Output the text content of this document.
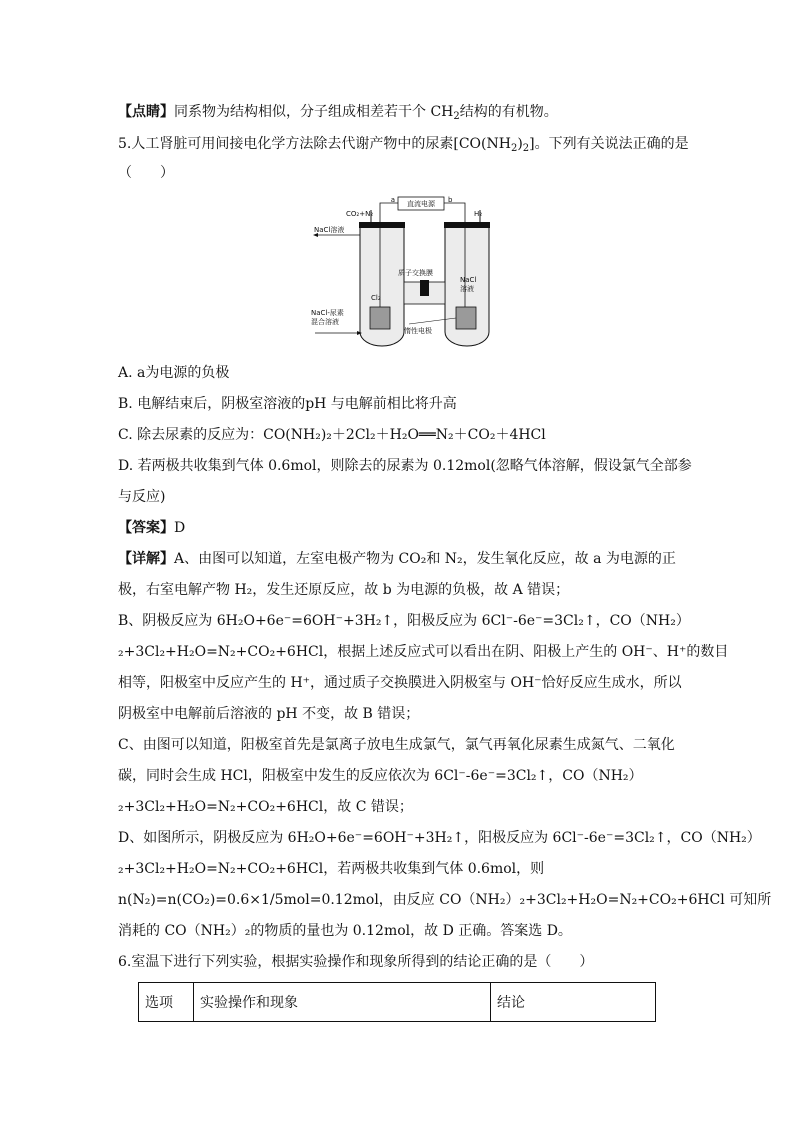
【点睛】同系物为结构相似，分子组成相差若干个 $CH_2$结构的有机物。
5.人工肾脏可用间接电化学方法除去代谢产物中的尿素$[CO(NH_2)_2]$。下列有关说法正确的是
（　　）
直流电源
a	b
CO₂+N₂	H₂
NaCl溶液
NaCl-尿素
混合溶液
质子交换膜
NaCl
溶液
Cl₂
惰性电极
A. a为电源的负极
B. 电解结束后，阴极室溶液的pH 与电解前相比将升高
C. 除去尿素的反应为：CO(NH₂)₂＋2Cl₂＋H₂O══N₂＋CO₂＋4HCl
D. 若两极共收集到气体 0.6mol，则除去的尿素为 0.12mol(忽略气体溶解，假设氯气全部参
与反应)
【答案】D
【详解】A、由图可以知道，左室电极产物为 CO₂和 N₂，发生氧化反应，故 a 为电源的正
极，右室电解产物 H₂，发生还原反应，故 b 为电源的负极，故 A 错误；
B、阴极反应为 6H₂O+6e⁻=6OH⁻+3H₂↑，阳极反应为 6Cl⁻-6e⁻=3Cl₂↑，CO（NH₂）
₂+3Cl₂+H₂O=N₂+CO₂+6HCl，根据上述反应式可以看出在阴、阳极上产生的 OH⁻、H⁺的数目
相等，阳极室中反应产生的 H⁺，通过质子交换膜进入阴极室与 OH⁻恰好反应生成水，所以
阴极室中电解前后溶液的 pH 不变，故 B 错误；
C、由图可以知道，阳极室首先是氯离子放电生成氯气，氯气再氧化尿素生成氮气、二氧化
碳，同时会生成 HCl，阳极室中发生的反应依次为 6Cl⁻-6e⁻=3Cl₂↑，CO（NH₂）
₂+3Cl₂+H₂O=N₂+CO₂+6HCl，故 C 错误；
D、如图所示，阴极反应为 6H₂O+6e⁻=6OH⁻+3H₂↑，阳极反应为 6Cl⁻-6e⁻=3Cl₂↑，CO（NH₂）
₂+3Cl₂+H₂O=N₂+CO₂+6HCl，若两极共收集到气体 0.6mol，则
n(N₂)=n(CO₂)=0.6×1/5mol=0.12mol，由反应 CO（NH₂）₂+3Cl₂+H₂O=N₂+CO₂+6HCl 可知所
消耗的 CO（NH₂）₂的物质的量也为 0.12mol，故 D 正确。答案选 D。
6.室温下进行下列实验，根据实验操作和现象所得到的结论正确的是（　　）
选项	实验操作和现象	结论
